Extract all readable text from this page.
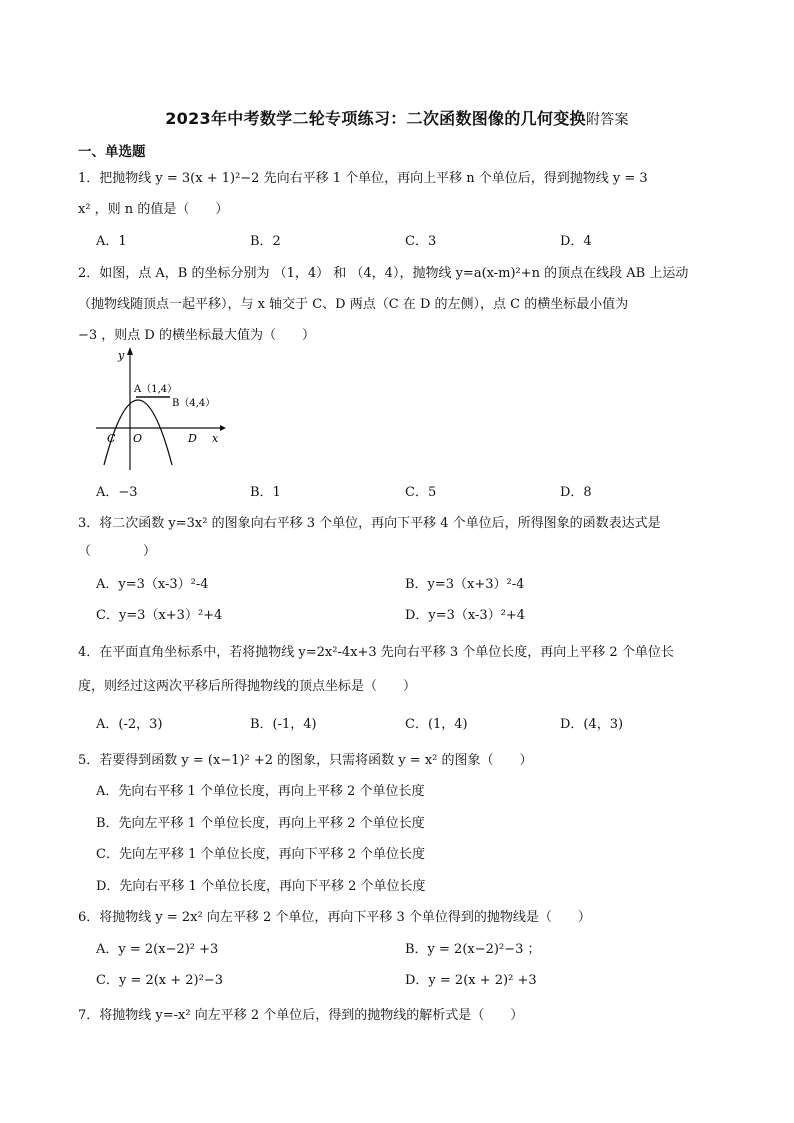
2023年中考数学二轮专项练习：二次函数图像的几何变换附答案
一、单选题
1．把抛物线 y = 3(x + 1)²−2 先向右平移 1 个单位，再向上平移 n 个单位后，得到抛物线 y = 3
x² ，则 n 的值是（　　）
A．1	B．2	C．3	D．4
2．如图，点 A，B 的坐标分别为 （1，4） 和 （4，4），抛物线 y=a(x-m)²+n 的顶点在线段 AB 上运动
（抛物线随顶点一起平移），与 x 轴交于 C、D 两点（C 在 D 的左侧），点 C 的横坐标最小值为
−3 ，则点 D 的横坐标最大值为（　　）
y
x
A（1,4）
B（4,4）
C O	D
A．−3	B．1	C．5	D．8
3．将二次函数 y=3x² 的图象向右平移 3 个单位，再向下平移 4 个单位后，所得图象的函数表达式是
（　　　　）
A．y=3（x-3）²-4	B．y=3（x+3）²-4
C．y=3（x+3）²+4	D．y=3（x-3）²+4
4．在平面直角坐标系中，若将抛物线 y=2x²-4x+3 先向右平移 3 个单位长度，再向上平移 2 个单位长
度，则经过这两次平移后所得抛物线的顶点坐标是（　　）
A．(-2，3)	B．(-1，4)	C．(1，4)	D．(4，3)
5．若要得到函数 y = (x−1)² +2 的图象，只需将函数 y = x² 的图象（　　）
A．先向右平移 1 个单位长度，再向上平移 2 个单位长度
B．先向左平移 1 个单位长度，再向上平移 2 个单位长度
C．先向左平移 1 个单位长度，再向下平移 2 个单位长度
D．先向右平移 1 个单位长度，再向下平移 2 个单位长度
6．将抛物线 y = 2x² 向左平移 2 个单位，再向下平移 3 个单位得到的抛物线是（　　）
A．y = 2(x−2)² +3	B．y = 2(x−2)²−3 ；
C．y = 2(x + 2)²−3	D．y = 2(x + 2)² +3
7．将抛物线 y=-x² 向左平移 2 个单位后，得到的抛物线的解析式是（　　）
